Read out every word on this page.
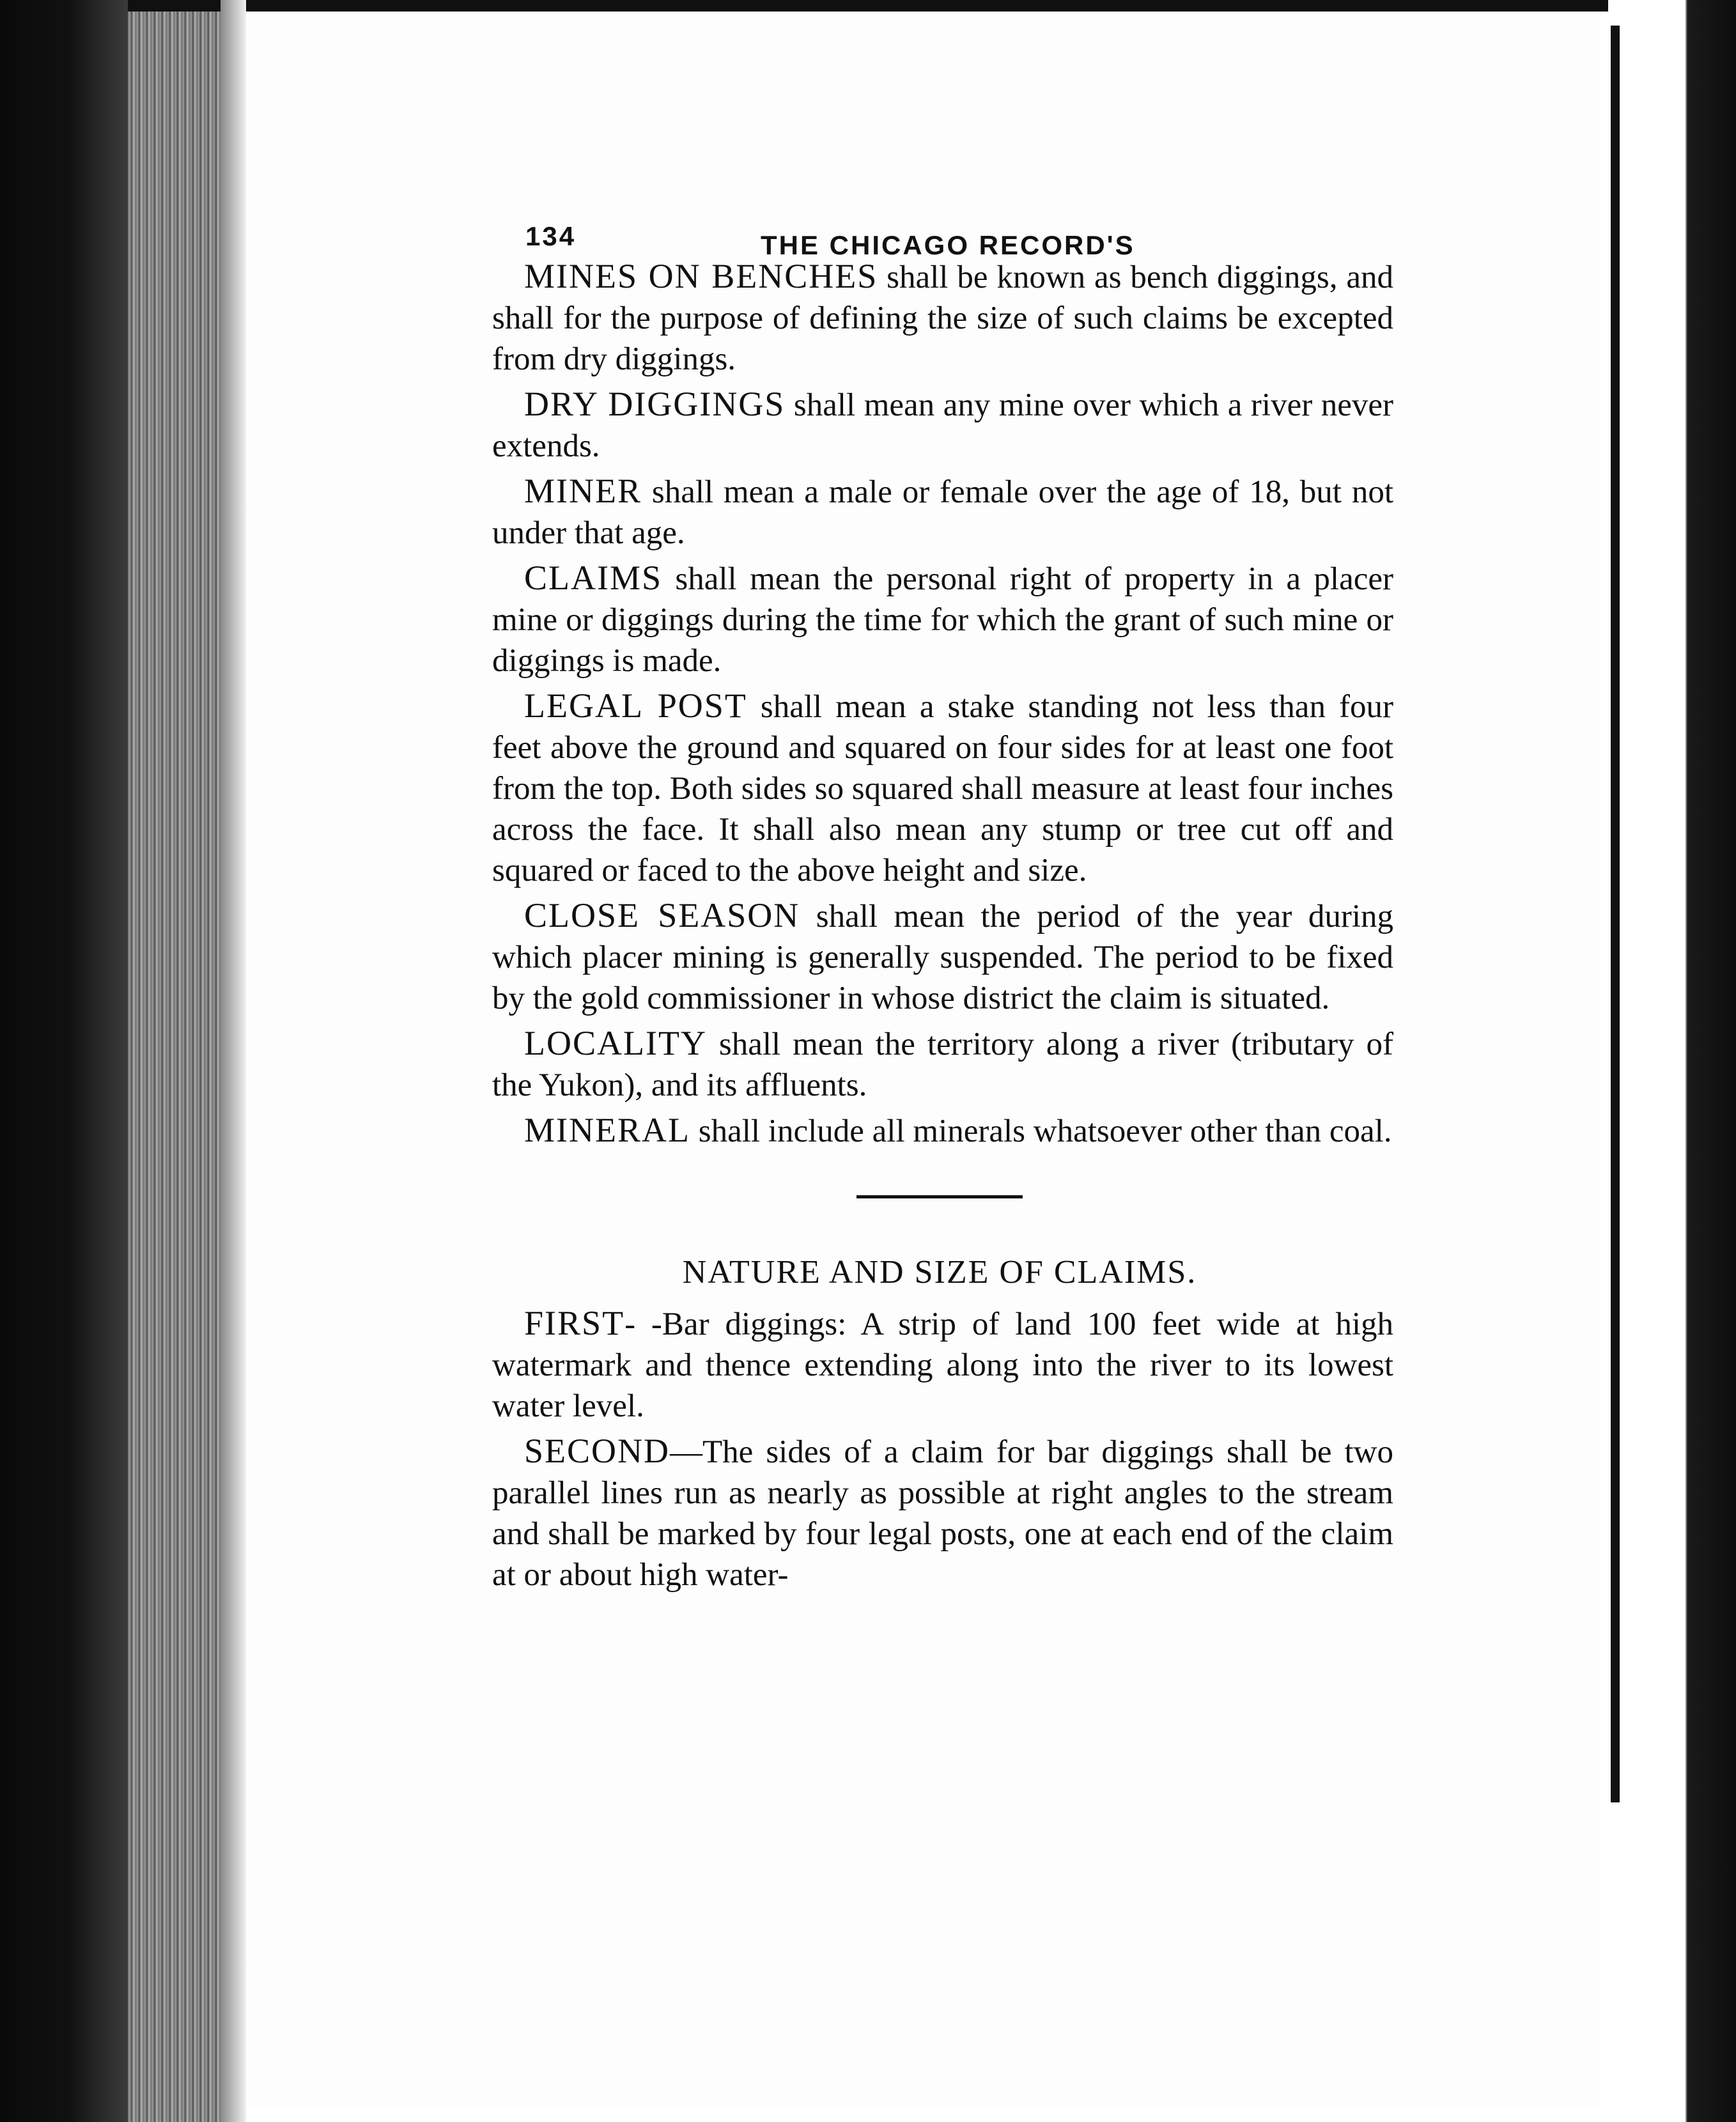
134	THE CHICAGO RECORD'S

MINES ON BENCHES shall be known as bench diggings, and shall for the purpose of defining the size of such claims be excepted from dry diggings.

DRY DIGGINGS shall mean any mine over which a river never extends.

MINER shall mean a male or female over the age of 18, but not under that age.

CLAIMS shall mean the personal right of property in a placer mine or diggings during the time for which the grant of such mine or diggings is made.

LEGAL POST shall mean a stake standing not less than four feet above the ground and squared on four sides for at least one foot from the top. Both sides so squared shall measure at least four inches across the face. It shall also mean any stump or tree cut off and squared or faced to the above height and size.

CLOSE SEASON shall mean the period of the year during which placer mining is generally suspended. The period to be fixed by the gold commissioner in whose district the claim is situated.

LOCALITY shall mean the territory along a river (tributary of the Yukon), and its affluents.

MINERAL shall include all minerals whatsoever other than coal.

NATURE AND SIZE OF CLAIMS.

FIRST- -Bar diggings: A strip of land 100 feet wide at high watermark and thence extending along into the river to its lowest water level.

SECOND—The sides of a claim for bar diggings shall be two parallel lines run as nearly as possible at right angles to the stream and shall be marked by four legal posts, one at each end of the claim at or about high water-
